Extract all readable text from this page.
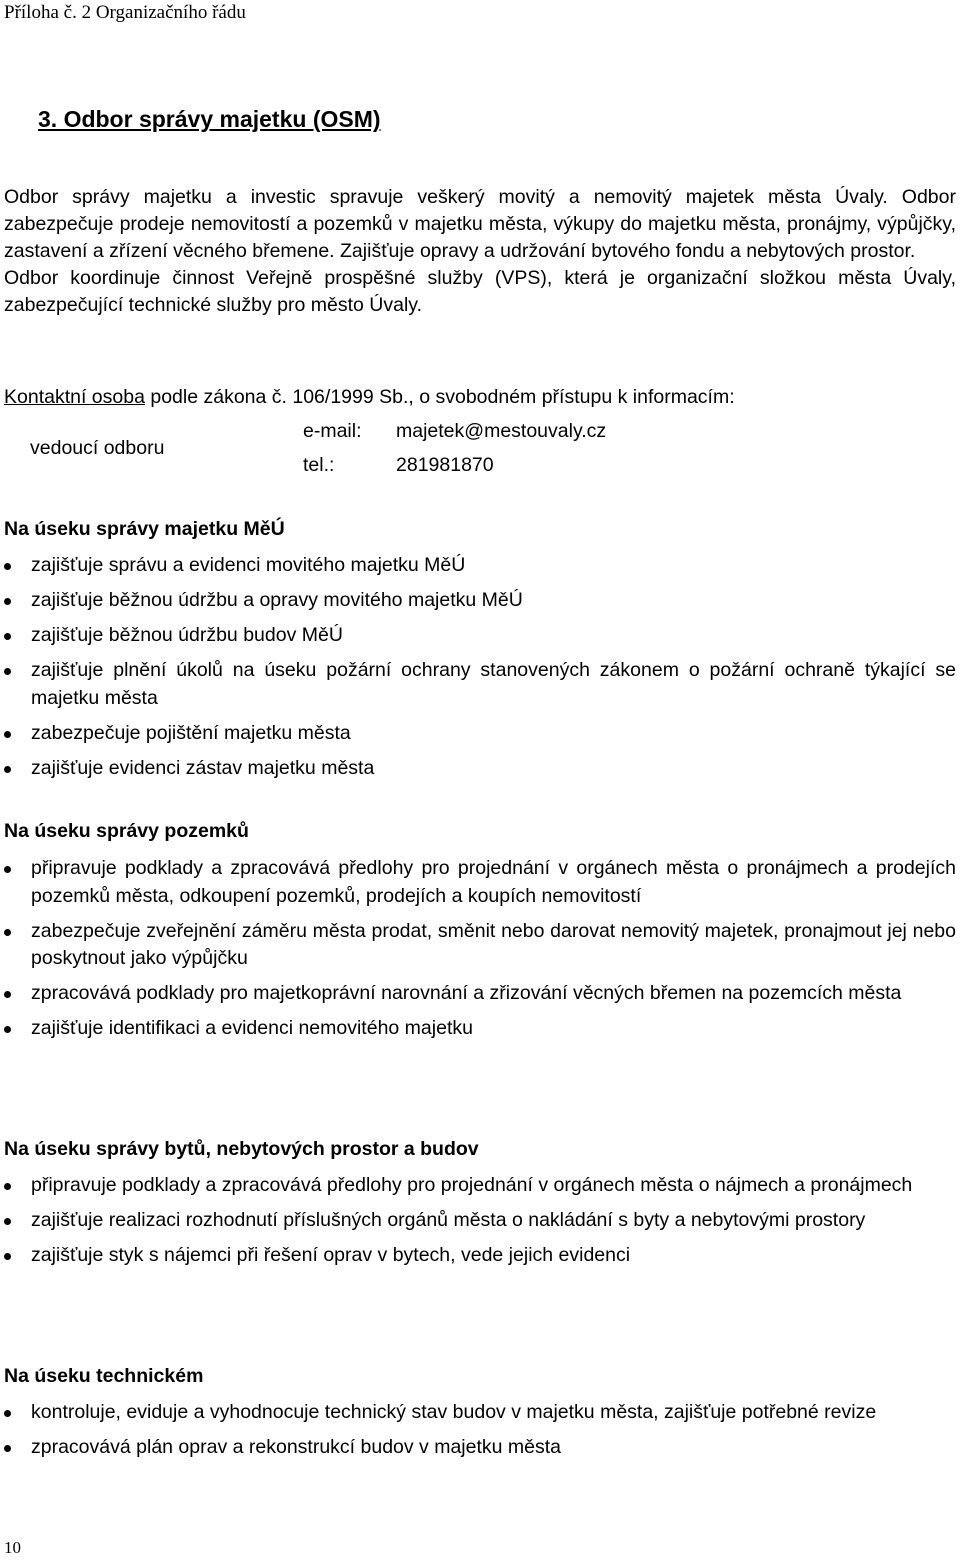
Příloha č. 2 Organizačního řádu
3. Odbor správy majetku (OSM)

Odbor správy majetku a investic spravuje veškerý movitý a nemovitý majetek města Úvaly. Odbor zabezpečuje prodeje nemovitostí a pozemků v majetku města, výkupy do majetku města, pronájmy, výpůjčky, zastavení a zřízení věcného břemene. Zajišťuje opravy a udržování bytového fondu a nebytových prostor.

Odbor koordinuje činnost Veřejně prospěšné služby (VPS), která je organizační složkou města Úvaly, zabezpečující technické služby pro město Úvaly.

Kontaktní osoba podle zákona č. 106/1999 Sb., o svobodném přístupu k informacím:
vedoucí odboru
e-mail: majetek@mestouvaly.cz
tel.:	281981870
Na úseku správy majetku MěÚ
zajišťuje správu a evidenci movitého majetku MěÚ
zajišťuje běžnou údržbu a opravy movitého majetku MěÚ
zajišťuje běžnou údržbu budov MěÚ
zajišťuje plnění úkolů na úseku požární ochrany stanovených zákonem o požární ochraně týkající se majetku města
zabezpečuje pojištění majetku města
zajišťuje evidenci zástav majetku města
Na úseku správy pozemků
připravuje podklady a zpracovává předlohy pro projednání v orgánech města o pronájmech a prodejích pozemků města, odkoupení pozemků, prodejích a koupích nemovitostí
zabezpečuje zveřejnění záměru města prodat, směnit nebo darovat nemovitý majetek, pronajmout jej nebo poskytnout jako výpůjčku
zpracovává podklady pro majetkoprávní narovnání a zřizování věcných břemen na pozemcích města
zajišťuje identifikaci a evidenci nemovitého majetku
Na úseku správy bytů, nebytových prostor a budov
připravuje podklady a zpracovává předlohy pro projednání v orgánech města o nájmech a pronájmech
zajišťuje realizaci rozhodnutí příslušných orgánů města o nakládání s byty a nebytovými prostory
zajišťuje styk s nájemci při řešení oprav v bytech, vede jejich evidenci
Na úseku technickém
kontroluje, eviduje a vyhodnocuje technický stav budov v majetku města, zajišťuje potřebné revize
zpracovává plán oprav a rekonstrukcí budov v majetku města
10
